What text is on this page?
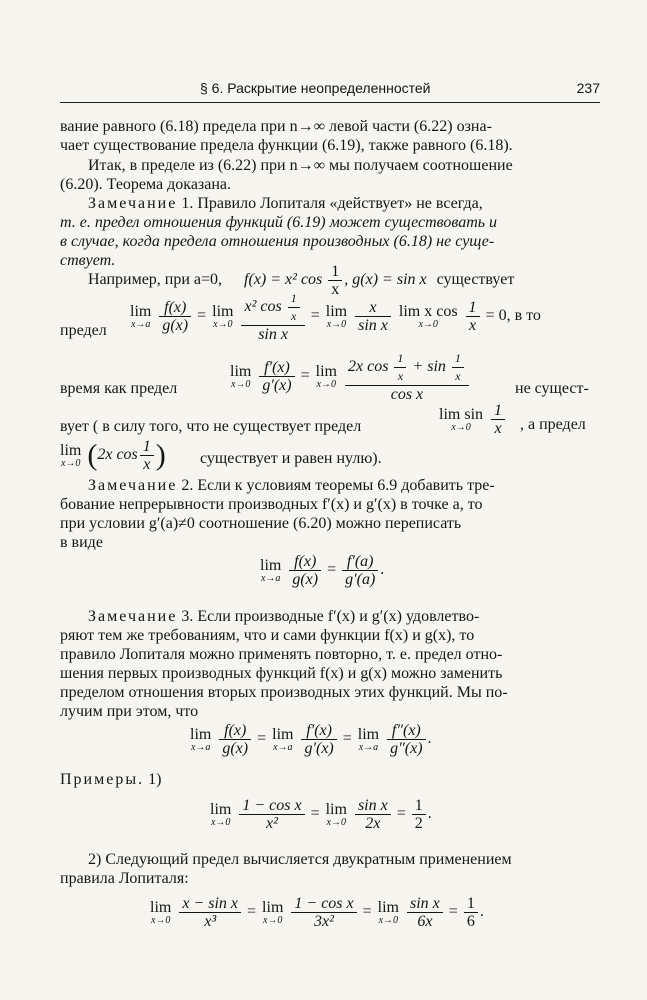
§ 6. Раскрытие неопределенностей	237
вание равного (6.18) предела при n→∞ левой части (6.22) озна-
чает существование предела функции (6.19), также равного (6.18).
Итак, в пределе из (6.22) при n→∞ мы получаем соотношение
(6.20). Теорема доказана.
Замечание 1. Правило Лопиталя «действует» не всегда,
т. е. предел отношения функций (6.19) может существовать и
в случае, когда предела отношения производных (6.18) не суще-
ствует.
Например, при a=0, f(x) = x² $\cos \frac{1}{x}$ , g(x) = sin x существует
предел
lim
x→a
$\frac{f(x)}{g(x)} = \lim$
x→0
$\frac{x^2 \cos \frac{1}{x}}{\text{sin x}} = \lim$
x→0
$\frac{x}{\text{sin x}}$
lim x cos
x→0
	$\frac{1}{x} = 0$, в то
время как предел
lim
x→0
$\frac{f'(x)}{g'(x)} = \lim$
x→0
$\frac{2x \cos \frac{1}{x} + \sin \frac{1}{x}}{\text{cos x}}$	не сущест-
вует ( в силу того, что не существует предел
lim sin
x→0
	$\frac{1}{x}$ , а предел
lim
x→0 (2x $\cos \frac{1}{x}$ ) существует и равен нулю).
Замечание 2. Если к условиям теоремы 6.9 добавить тре-
бование непрерывности производных f′(x) и g′(x) в точке a, то
при условии g′(a)≠0 соотношение (6.20) можно переписать
в виде
lim
x→a
$\frac{f(x)}{g(x)} = \frac{f'(a)}{g'(a)}$ .
Замечание 3. Если производные f′(x) и g′(x) удовлетво-
ряют тем же требованиям, что и сами функции f(x) и g(x), то
правило Лопиталя можно применять повторно, т. е. предел отно-
шения первых производных функций f(x) и g(x) можно заменить
пределом отношения вторых производных этих функций. Мы по-
лучим при этом, что
lim
x→a
$\frac{f(x)}{g(x)} = \lim$
x→a
$\frac{f'(x)}{g'(x)} = \lim$
x→a
$\frac{f''(x)}{g''(x)}$ .
Примеры. 1)
lim
x→0
$\frac{\text{1 − cos x}}{\text{x²}} = \lim$
x→0
$\frac{\text{sin x}}{2x} = \frac{1}{2}$ .
2) Следующий предел вычисляется двукратным применением
правила Лопиталя:
lim
x→0
$\frac{\text{x − sin x}}{\text{x³}} = \lim$
x→0
$\frac{\text{1 − cos x}}{\text{3x²}} = \lim$
x→0
$\frac{\text{sin x}}{6x} = \frac{1}{6}$ .
